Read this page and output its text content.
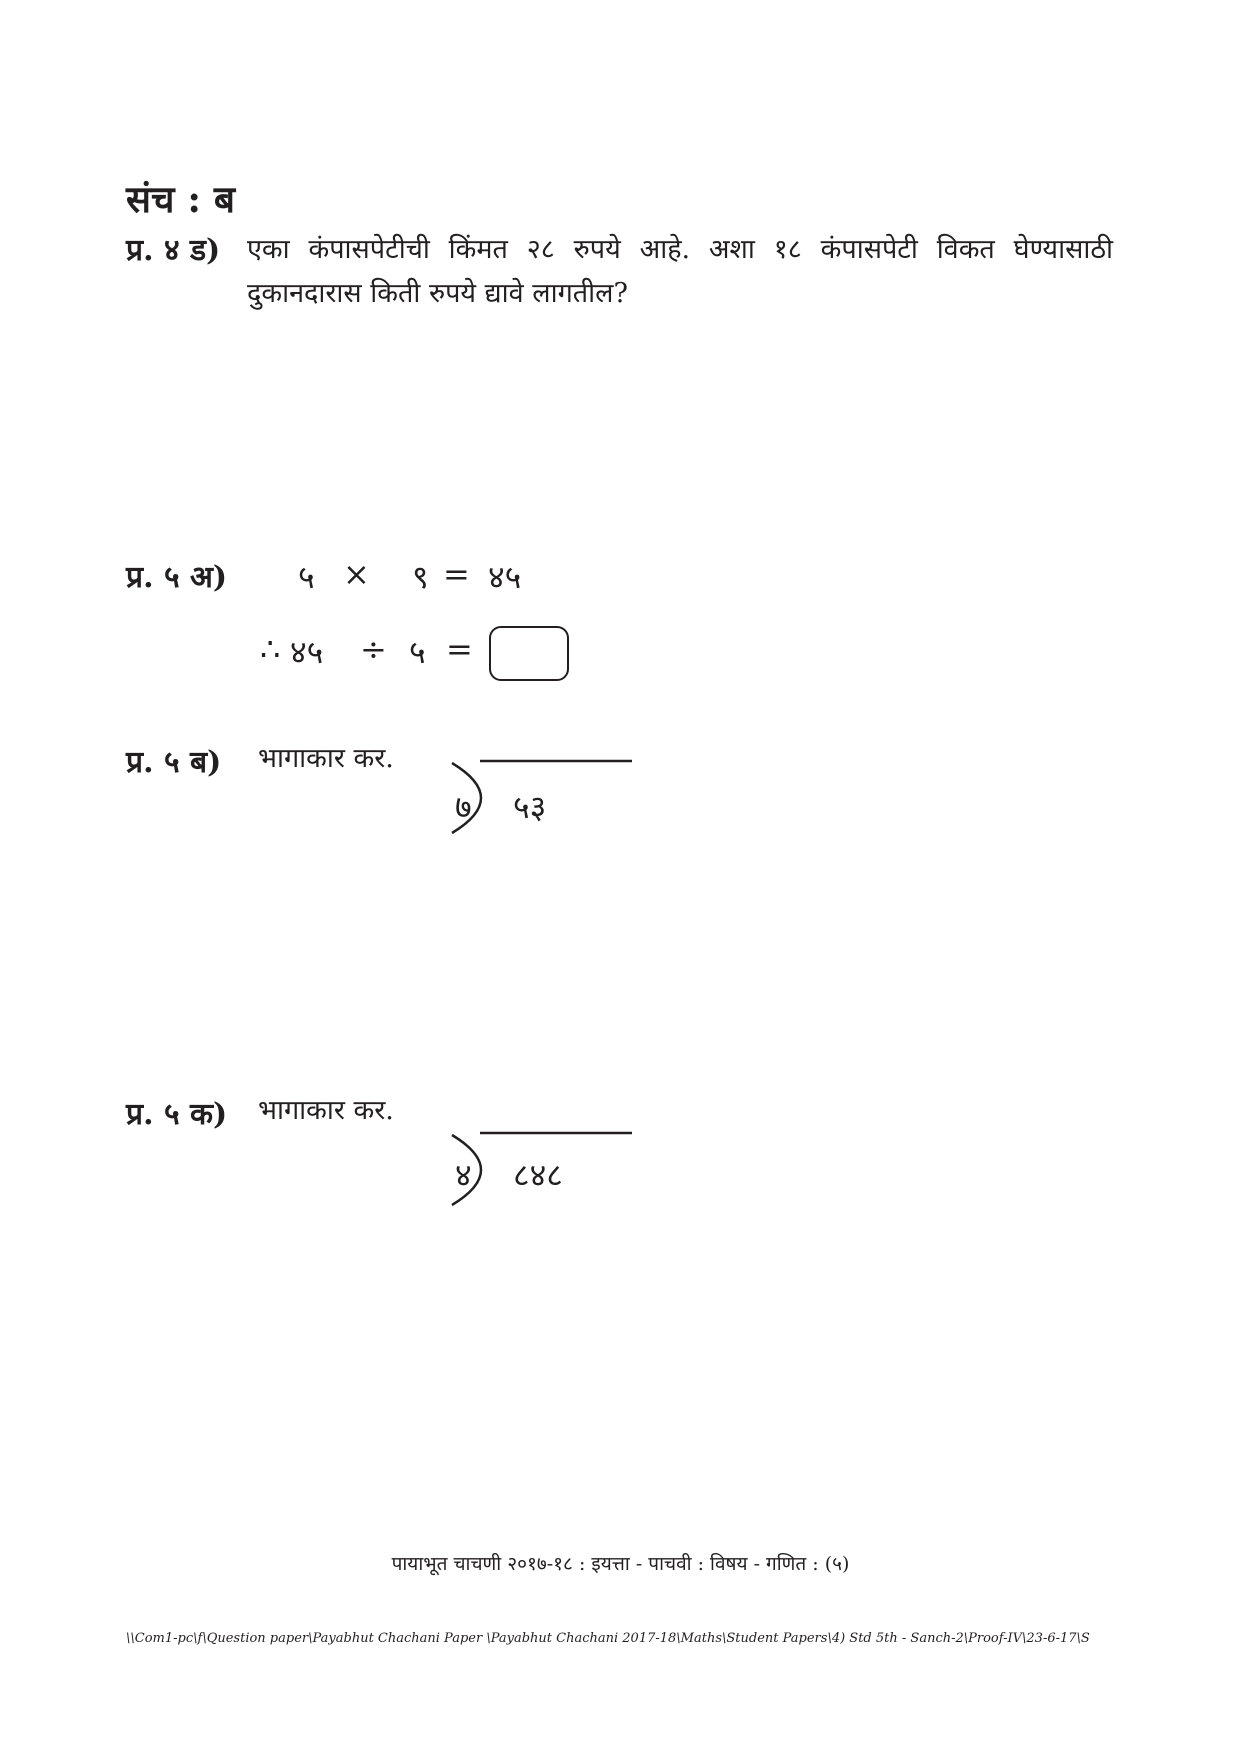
संच : ब
प्र. ४ ड) एका कंपासपेटीची किंमत २८ रुपये आहे. अशा १८ कंपासपेटी विकत घेण्यासाठी
दुकानदारास किती रुपये द्यावे लागतील?
प्र. ५ अ) ५ × ९ = ४५
∴ ४५ ÷ ५ =
प्र. ५ ब) भागाकार कर.
७ ५३
प्र. ५ क) भागाकार कर.
४ ८४८
पायाभूत चाचणी २०१७-१८ : इयत्ता - पाचवी : विषय - गणित : (५)
\\Com1-pc\f\Question paper\Payabhut Chachani Paper \Payabhut Chachani 2017-18\Maths\Student Papers\4) Std 5th - Sanch-2\Proof-IV\23-6-17\S
